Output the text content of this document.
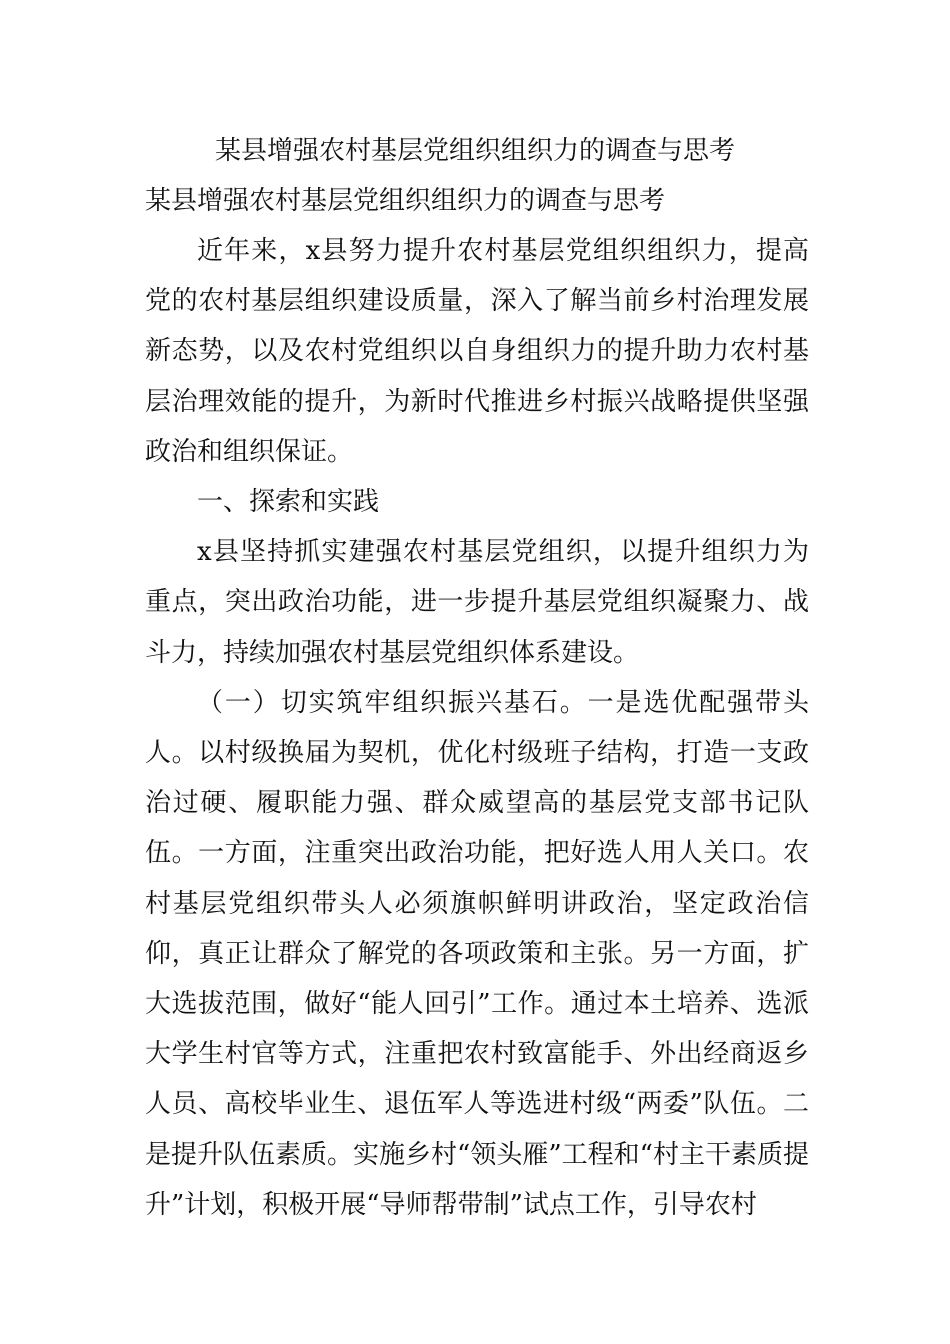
某县增强农村基层党组织组织力的调查与思考
某县增强农村基层党组织组织力的调查与思考

近年来，x县努力提升农村基层党组织组织力，提高党的农村基层组织建设质量，深入了解当前乡村治理发展新态势，以及农村党组织以自身组织力的提升助力农村基层治理效能的提升，为新时代推进乡村振兴战略提供坚强政治和组织保证。

一、探索和实践

x县坚持抓实建强农村基层党组织，以提升组织力为重点，突出政治功能，进一步提升基层党组织凝聚力、战斗力，持续加强农村基层党组织体系建设。

（一）切实筑牢组织振兴基石。一是选优配强带头人。以村级换届为契机，优化村级班子结构，打造一支政治过硬、履职能力强、群众威望高的基层党支部书记队伍。一方面，注重突出政治功能，把好选人用人关口。农村基层党组织带头人必须旗帜鲜明讲政治，坚定政治信仰，真正让群众了解党的各项政策和主张。另一方面，扩大选拔范围，做好“能人回引”工作。通过本土培养、选派大学生村官等方式，注重把农村致富能手、外出经商返乡人员、高校毕业生、退伍军人等选进村级“两委”队伍。二是提升队伍素质。实施乡村“领头雁”工程和“村主干素质提升”计划，积极开展“导师帮带制”试点工作，引导农村
